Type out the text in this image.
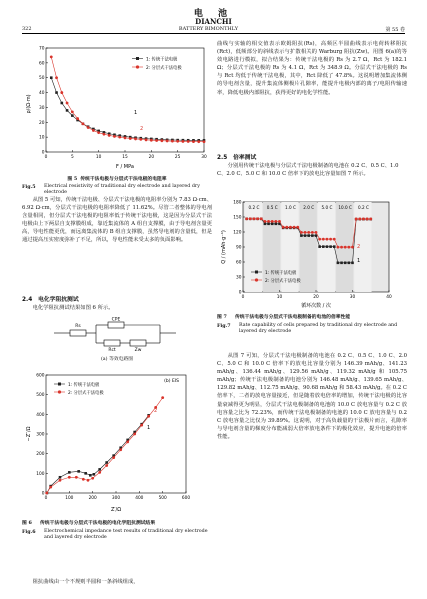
电 池
DIANCHI
322	BATTERY BIMONTHLY	第 55 卷
0
10
20
30
40
50
60
70
0	5	10	15	20	25	30
ρ/(Ω·m)
F / MPa
1: 传统干法电极
2: 分层式干法电极
1
2
图 5 传统干法电极与分层式干法电极的电阻率
Fig.5	Electrical resistivity of traditional dry electrode and layered dry electrode

从图 5 可知，传统干法电极、分层式干法电极的电阻率分别为 7.83 Ω·cm、6.92 Ω·cm，分层式干法电极的电阻率降低了 11.62%。尽管二者整体的导电剂含量相同，但分层式干法电极的电阻率低于传统干法电极，这是因为分层式干法电极由上下两层自支撑膜组成，靠近集流体的 A 组自支撑膜，由于导电剂含量更高，导电性能更优，而远离集流体的 B 组自支撑膜，虽然导电剂的含量低，但是通过提高压实密度弥补了不足，所以，导电性能未受太多的负面影响。

2.4　电化学阻抗测试
电化学阻抗测试结果如图 6 所示。
Rs
CPE
Rct	Zw
(a) 等效电路图
0
100
200
300
400
500
600
0	100	200	300	400	500	600
(b) EIS
−Z″/Ω
Z′/Ω
1: 传统干法电极
2: 分层式干法电极
1
2
图 6	传统干法电极与分层式干法电极的电化学阻抗测试结果
Fig.6	Electrochemical impedance test results of traditional dry electrode and layered dry electrode
阻抗曲线由一个不规则半圆和一条斜线组成，

曲线与实轴的相交值表示欧姆阻抗(Rs)，高频区半圆曲线表示电荷转移阻抗(Rct)，低频部分的斜线表示与扩散相关的 Warburg 阻抗(Zw)。用图 6(a)的等效电路进行模拟，拟合结果为：传统干法电极的 Rs 为 2.7 Ω，Rct 为 182.1 Ω；分层式干法电极的 Rs 为 4.1 Ω，Rct 为 348.9 Ω。分层式干法电极的 Rs 与 Rct 均低于传统干法电极，其中，Rct 降低了 47.8%。这说明增加集流体侧的导电剂含量，提升集流体侧极片孔隙率，能提升电极内部的离子/电阻传输速率，降低电极内部阻抗，获得更好的电化学性能。

2.5　倍率测试
分别用传统干法电极与分层式干法电极制备的电池在 0.2 C、0.5 C、1.0 C、2.0 C、5.0 C 和 10.0 C 倍率下的放电比容量如图 7 所示。
0.2 C 0.5 C 1.0 C 2.0 C 5.0 C 10.0 C 0.2 C
0
30
60
90
120
150
180
0	10	20	30	40
Q / (mAh·g⁻¹)
循环次数 / 次
1: 传统干法电极
2: 分层式干法电极
1
2
图 7	传统干法电极与分层式干法电极制备的电池的倍率性能
Fig.7	Rate capability of cells prepared by traditional dry electrode and layered dry electrode

从图 7 可知，分层式干法电极制备的电池在 0.2 C、0.5 C、1.0 C、2.0 C、5.0 C 和 10.0 C 倍率下的放电比容量分别为 146.39 mAh/g、141.23 mAh/g、136.44 mAh/g、129.56 mAh/g、119.32 mAh/g 和 105.75 mAh/g；传统干法电极制备的电池分别为 146.48 mAh/g、139.65 mAh/g、129.82 mAh/g、112.75 mAh/g、90.68 mAh/g 和 58.43 mAh/g。在 0.2 C 倍率下，二者的放电容量接近，但是随着放电倍率的增加，传统干法电极的比容量衰减得更为明显，分层式干法电极制备的电池的 10.0 C 放电容量与 0.2 C 放电容量之比为 72.23%，而传统干法电极制备的电池的 10.0 C 放电容量与 0.2 C 放电容量之比仅为 39.89%。这说明，对于高负载量的干法极片而言，孔隙率与导电剂含量的梯度分布能减弱大倍率放电条件下的极化效应，提升电池的倍率性能。
